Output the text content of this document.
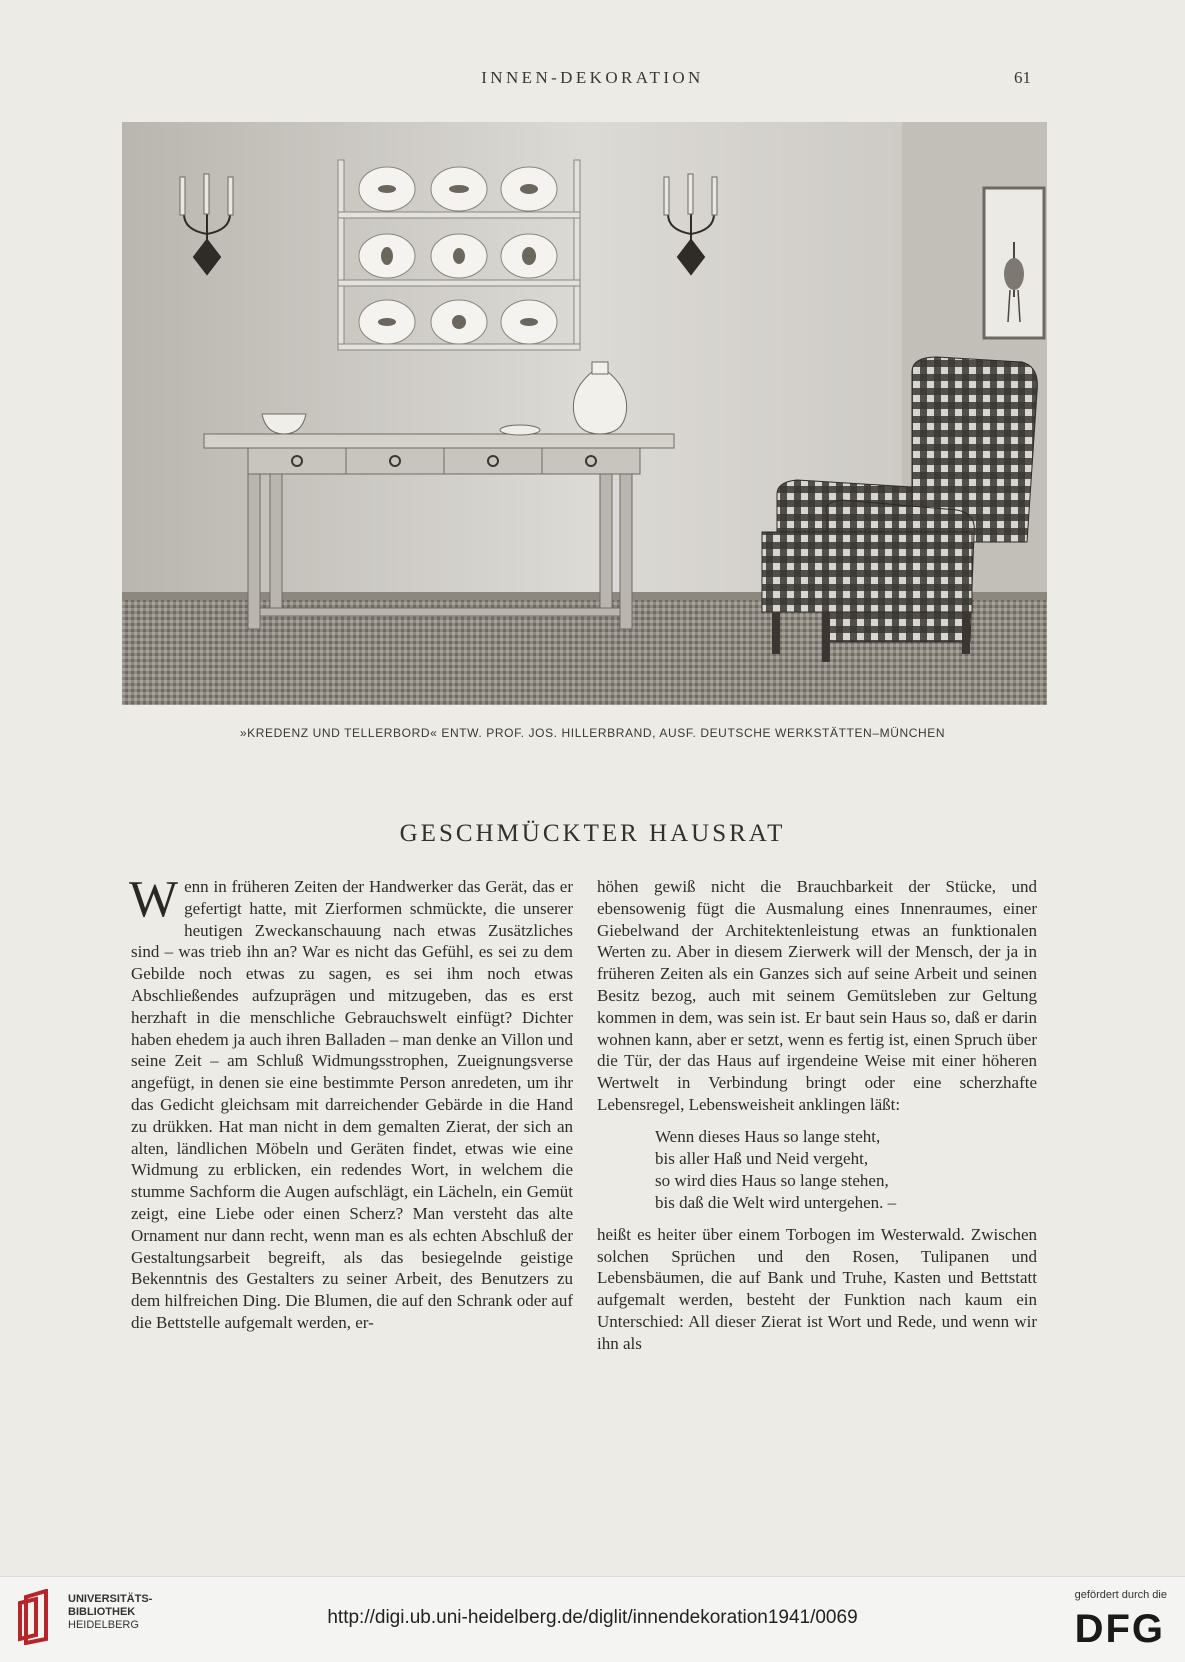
INNEN-DEKORATION	61
»KREDENZ UND TELLERBORD« ENTW. PROF. JOS. HILLERBRAND, AUSF. DEUTSCHE WERKSTÄTTEN–MÜNCHEN
GESCHMÜCKTER HAUSRAT

Wenn in früheren Zeiten der Handwerker das Gerät, das er gefertigt hatte, mit Zierformen schmückte, die unserer heutigen Zweckanschauung nach etwas Zusätzliches sind – was trieb ihn an? War es nicht das Gefühl, es sei zu dem Gebilde noch etwas zu sagen, es sei ihm noch etwas Abschließendes aufzuprägen und mitzugeben, das es erst herzhaft in die menschliche Gebrauchswelt einfügt? Dichter haben ehedem ja auch ihren Balladen – man denke an Villon und seine Zeit – am Schluß Widmungsstrophen, Zueignungsverse angefügt, in denen sie eine bestimmte Person anredeten, um ihr das Gedicht gleichsam mit darreichender Gebärde in die Hand zu drükken. Hat man nicht in dem gemalten Zierat, der sich an alten, ländlichen Möbeln und Geräten findet, etwas wie eine Widmung zu erblicken, ein redendes Wort, in welchem die stumme Sachform die Augen aufschlägt, ein Lächeln, ein Gemüt zeigt, eine Liebe oder einen Scherz? Man versteht das alte Ornament nur dann recht, wenn man es als echten Abschluß der Gestaltungsarbeit begreift, als das besiegelnde geistige Bekenntnis des Gestalters zu seiner Arbeit, des Benutzers zu dem hilfreichen Ding. Die Blumen, die auf den Schrank oder auf die Bettstelle aufgemalt werden, er-

höhen gewiß nicht die Brauchbarkeit der Stücke, und ebensowenig fügt die Ausmalung eines Innenraumes, einer Giebelwand der Architektenleistung etwas an funktionalen Werten zu. Aber in diesem Zierwerk will der Mensch, der ja in früheren Zeiten als ein Ganzes sich auf seine Arbeit und seinen Besitz bezog, auch mit seinem Gemütsleben zur Geltung kommen in dem, was sein ist. Er baut sein Haus so, daß er darin wohnen kann, aber er setzt, wenn es fertig ist, einen Spruch über die Tür, der das Haus auf irgendeine Weise mit einer höheren Wertwelt in Verbindung bringt oder eine scherzhafte Lebensregel, Lebensweisheit anklingen läßt:

Wenn dieses Haus so lange steht,
bis aller Haß und Neid vergeht,
so wird dies Haus so lange stehen,
bis daß die Welt wird untergehen. –

heißt es heiter über einem Torbogen im Westerwald. Zwischen solchen Sprüchen und den Rosen, Tulipanen und Lebensbäumen, die auf Bank und Truhe, Kasten und Bettstatt aufgemalt werden, besteht der Funktion nach kaum ein Unterschied: All dieser Zierat ist Wort und Rede, und wenn wir ihn als

UNIVERSITÄTS-
BIBLIOTHEK
HEIDELBERG	http://digi.ub.uni-heidelberg.de/diglit/innendekoration1941/0069
gefördert durch die
DFG
